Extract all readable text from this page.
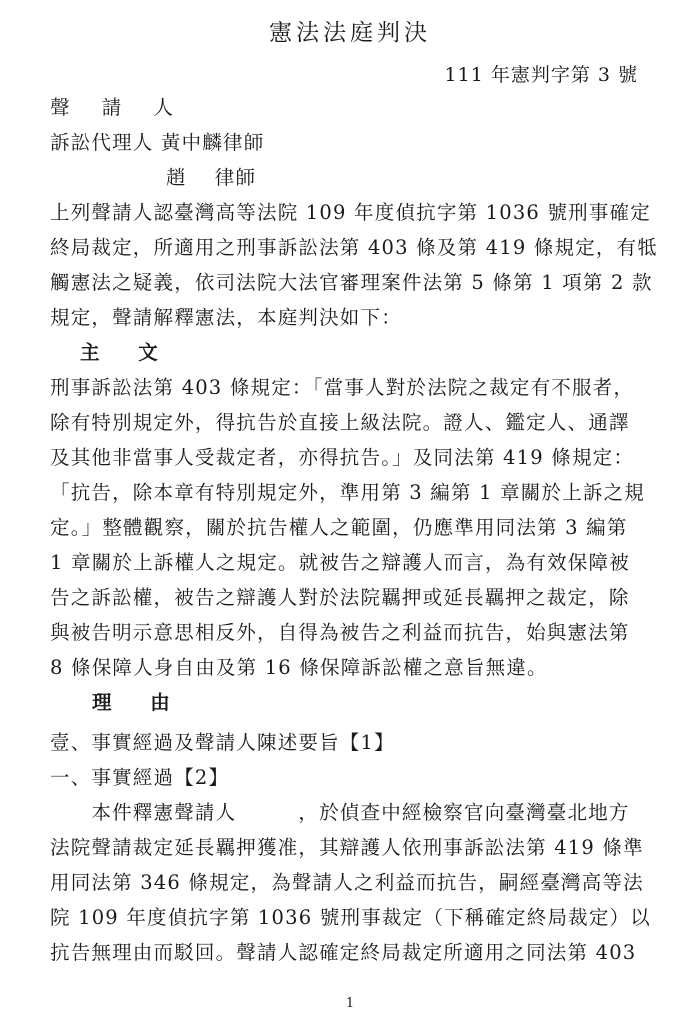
憲法法庭判決
111 年憲判字第 3 號
聲 請 人
訴訟代理人 黃中麟律師
趙　 律師
上列聲請人認臺灣高等法院 109 年度偵抗字第 1036 號刑事確定
終局裁定，所適用之刑事訴訟法第 403 條及第 419 條規定，有牴
觸憲法之疑義，依司法院大法官審理案件法第 5 條第 1 項第 2 款
規定，聲請解釋憲法，本庭判決如下：
主 文
刑事訴訟法第 403 條規定：「當事人對於法院之裁定有不服者，
除有特別規定外，得抗告於直接上級法院。證人、鑑定人、通譯
及其他非當事人受裁定者，亦得抗告。」及同法第 419 條規定：
「抗告，除本章有特別規定外，準用第 3 編第 1 章關於上訴之規
定。」整體觀察，關於抗告權人之範圍，仍應準用同法第 3 編第
1 章關於上訴權人之規定。就被告之辯護人而言，為有效保障被
告之訴訟權，被告之辯護人對於法院羈押或延長羈押之裁定，除
與被告明示意思相反外，自得為被告之利益而抗告，始與憲法第
8 條保障人身自由及第 16 條保障訴訟權之意旨無違。
理 由
壹、事實經過及聲請人陳述要旨【1】
一、事實經過【2】
　　本件釋憲聲請人　　　，於偵查中經檢察官向臺灣臺北地方
法院聲請裁定延長羈押獲准，其辯護人依刑事訴訟法第 419 條準
用同法第 346 條規定，為聲請人之利益而抗告，嗣經臺灣高等法
院 109 年度偵抗字第 1036 號刑事裁定（下稱確定終局裁定）以
抗告無理由而駁回。聲請人認確定終局裁定所適用之同法第 403
1
